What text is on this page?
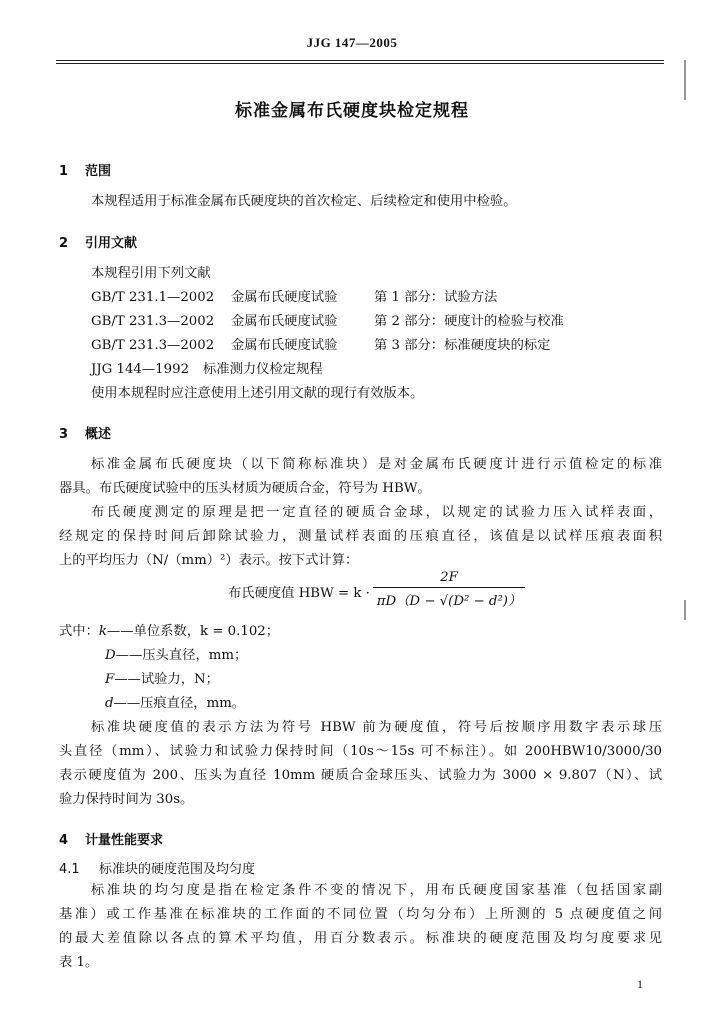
JJG 147—2005
标准金属布氏硬度块检定规程
1 范围
本规程适用于标准金属布氏硬度块的首次检定、后续检定和使用中检验。
2 引用文献
本规程引用下列文献
GB/T 231.1—2002 金属布氏硬度试验	第 1 部分：试验方法
GB/T 231.3—2002 金属布氏硬度试验	第 2 部分：硬度计的检验与校准
GB/T 231.3—2002 金属布氏硬度试验	第 3 部分：标准硬度块的标定
JJG 144—1992 标准测力仪检定规程
使用本规程时应注意使用上述引用文献的现行有效版本。
3 概述
标准金属布氏硬度块（以下简称标准块）是对金属布氏硬度计进行示值检定的标准
器具。布氏硬度试验中的压头材质为硬质合金，符号为 HBW。
布氏硬度测定的原理是把一定直径的硬质合金球，以规定的试验力压入试样表面，
经规定的保持时间后卸除试验力，测量试样表面的压痕直径，该值是以试样压痕表面积
上的平均压力（N/（mm）²）表示。按下式计算：
布氏硬度值 HBW = k ·
2F
πD（D − √(D² − d²)）
式中：k——单位系数，k = 0.102；
D——压头直径，mm；
F——试验力，N；
d——压痕直径，mm。
标准块硬度值的表示方法为符号 HBW 前为硬度值，符号后按顺序用数字表示球压
头直径（mm）、试验力和试验力保持时间（10s～15s 可不标注）。如 200HBW10/3000/30
表示硬度值为 200、压头为直径 10mm 硬质合金球压头、试验力为 3000 × 9.807（N）、试
验力保持时间为 30s。
4 计量性能要求
4.1 标准块的硬度范围及均匀度
标准块的均匀度是指在检定条件不变的情况下，用布氏硬度国家基准（包括国家副
基准）或工作基准在标准块的工作面的不同位置（均匀分布）上所测的 5 点硬度值之间
的最大差值除以各点的算术平均值，用百分数表示。标准块的硬度范围及均匀度要求见
表 1。
1
